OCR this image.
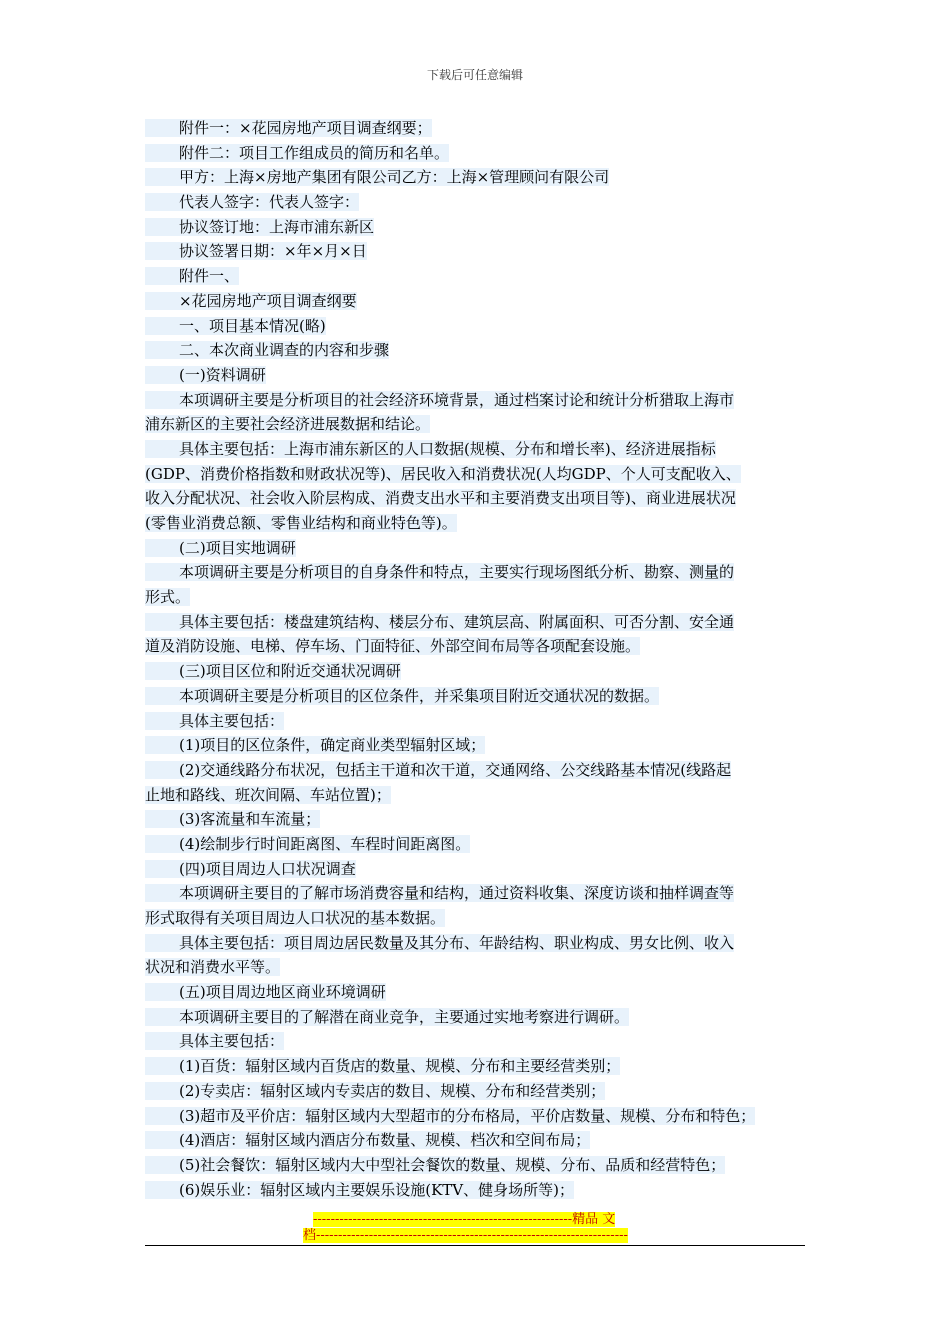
下载后可任意编辑
附件一：×花园房地产项目调查纲要；
附件二：项目工作组成员的简历和名单。
甲方：上海×房地产集团有限公司乙方：上海×管理顾问有限公司
代表人签字：代表人签字：
协议签订地：上海市浦东新区
协议签署日期：×年×月×日
附件一、
×花园房地产项目调查纲要
一、项目基本情况(略)
二、本次商业调查的内容和步骤
(一)资料调研
本项调研主要是分析项目的社会经济环境背景，通过档案讨论和统计分析猎取上海市
浦东新区的主要社会经济进展数据和结论。
具体主要包括：上海市浦东新区的人口数据(规模、分布和增长率)、经济进展指标
(GDP、消费价格指数和财政状况等)、居民收入和消费状况(人均GDP、个人可支配收入、
收入分配状况、社会收入阶层构成、消费支出水平和主要消费支出项目等)、商业进展状况
(零售业消费总额、零售业结构和商业特色等)。
(二)项目实地调研
本项调研主要是分析项目的自身条件和特点，主要实行现场图纸分析、勘察、测量的
形式。
具体主要包括：楼盘建筑结构、楼层分布、建筑层高、附属面积、可否分割、安全通
道及消防设施、电梯、停车场、门面特征、外部空间布局等各项配套设施。
(三)项目区位和附近交通状况调研
本项调研主要是分析项目的区位条件，并采集项目附近交通状况的数据。
具体主要包括：
(1)项目的区位条件，确定商业类型辐射区域；
(2)交通线路分布状况，包括主干道和次干道，交通网络、公交线路基本情况(线路起
止地和路线、班次间隔、车站位置)；
(3)客流量和车流量；
(4)绘制步行时间距离图、车程时间距离图。
(四)项目周边人口状况调查
本项调研主要目的了解市场消费容量和结构，通过资料收集、深度访谈和抽样调查等
形式取得有关项目周边人口状况的基本数据。
具体主要包括：项目周边居民数量及其分布、年龄结构、职业构成、男女比例、收入
状况和消费水平等。
(五)项目周边地区商业环境调研
本项调研主要目的了解潜在商业竞争，主要通过实地考察进行调研。
具体主要包括：
(1)百货：辐射区域内百货店的数量、规模、分布和主要经营类别；
(2)专卖店：辐射区域内专卖店的数目、规模、分布和经营类别；
(3)超市及平价店：辐射区域内大型超市的分布格局，平价店数量、规模、分布和特色；
(4)酒店：辐射区域内酒店分布数量、规模、档次和空间布局；
(5)社会餐饮：辐射区域内大中型社会餐饮的数量、规模、分布、品质和经营特色；
(6)娱乐业：辐射区域内主要娱乐设施(KTV、健身场所等)；
-----------------------------------------------------------精品 文
档-----------------------------------------------------------------------
